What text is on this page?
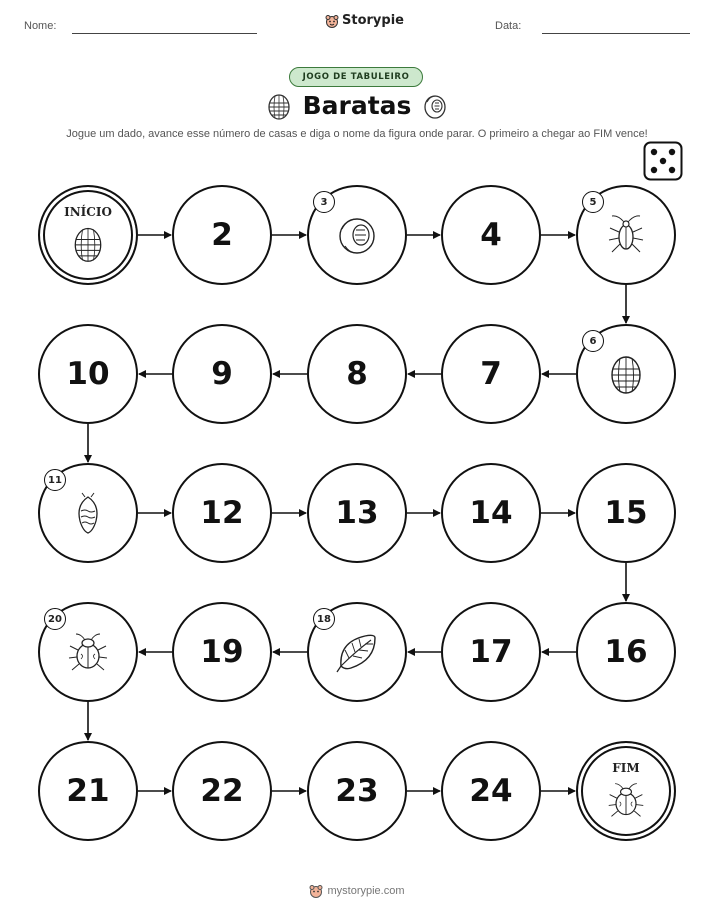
Nome:	Storypie	Data:
JOGO DE TABULEIRO
Baratas
Jogue um dado, avance esse número de casas e diga o nome da figura onde parar. O primeiro a chegar ao FIM vence!
INÍCIO
2
3
4
5
6
7
8
9
10
11
12	13	14	15
16
17
18
19
20
21	22	23	24
FIM
mystorypie.com
